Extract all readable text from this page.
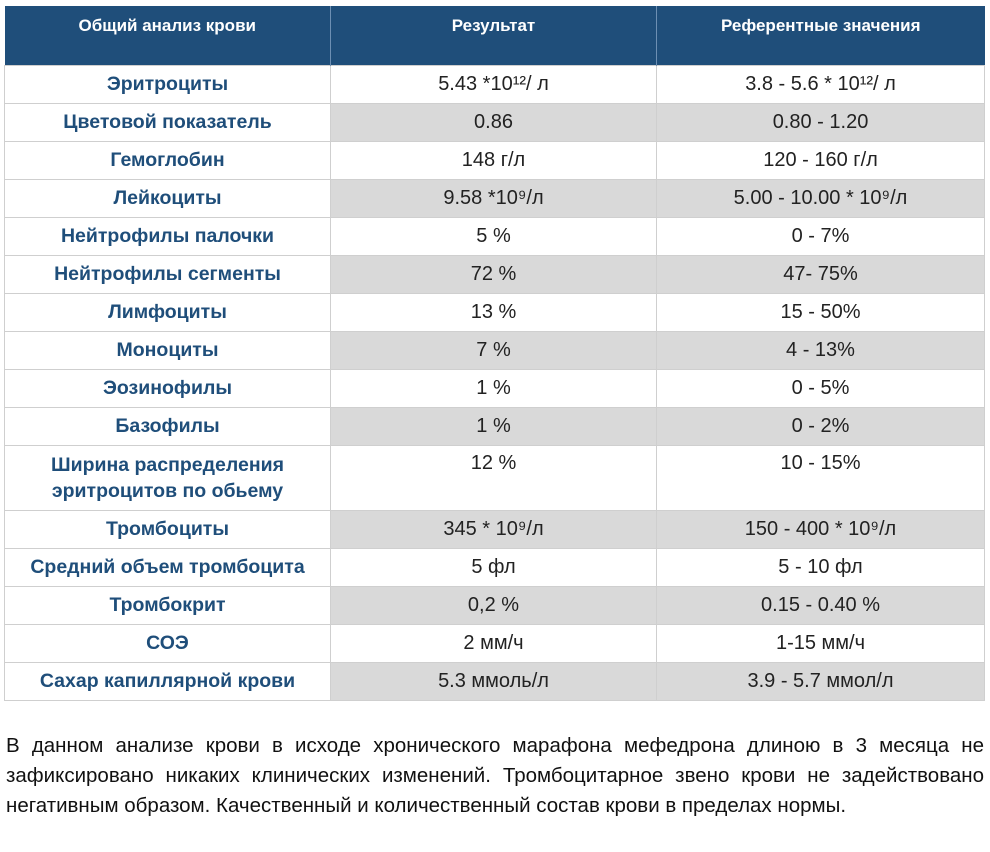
Общий анализ крови	Результат	Референтные значения
Эритроциты	5.43 *10¹²/ л	3.8 - 5.6 * 10¹²/ л
Цветовой показатель	0.86	0.80 - 1.20
Гемоглобин	148 г/л	120 - 160 г/л
Лейкоциты	9.58 *10⁹/л	5.00 - 10.00 * 10⁹/л
Нейтрофилы палочки	5 %	0 - 7%
Нейтрофилы сегменты	72 %	47- 75%
Лимфоциты	13 %	15 - 50%
Моноциты	7 %	4 - 13%
Эозинофилы	1 %	0 - 5%
Базофилы	1 %	0 - 2%
Ширина распределения
эритроцитов по обьему	12 %	10 - 15%
Тромбоциты	345 * 10⁹/л	150 - 400 * 10⁹/л
Средний объем тромбоцита	5 фл	5 - 10 фл
Тромбокрит	0,2 %	0.15 - 0.40 %
СОЭ	2 мм/ч	1-15 мм/ч
Сахар капиллярной крови	5.3 ммоль/л	3.9 - 5.7 ммол/л

В данном анализе крови в исходе хронического марафона мефедрона длиною в 3 месяца не зафиксировано никаких клинических изменений. Тромбоцитарное звено крови не задействовано негативным образом. Качественный и количественный состав крови в пределах нормы.
